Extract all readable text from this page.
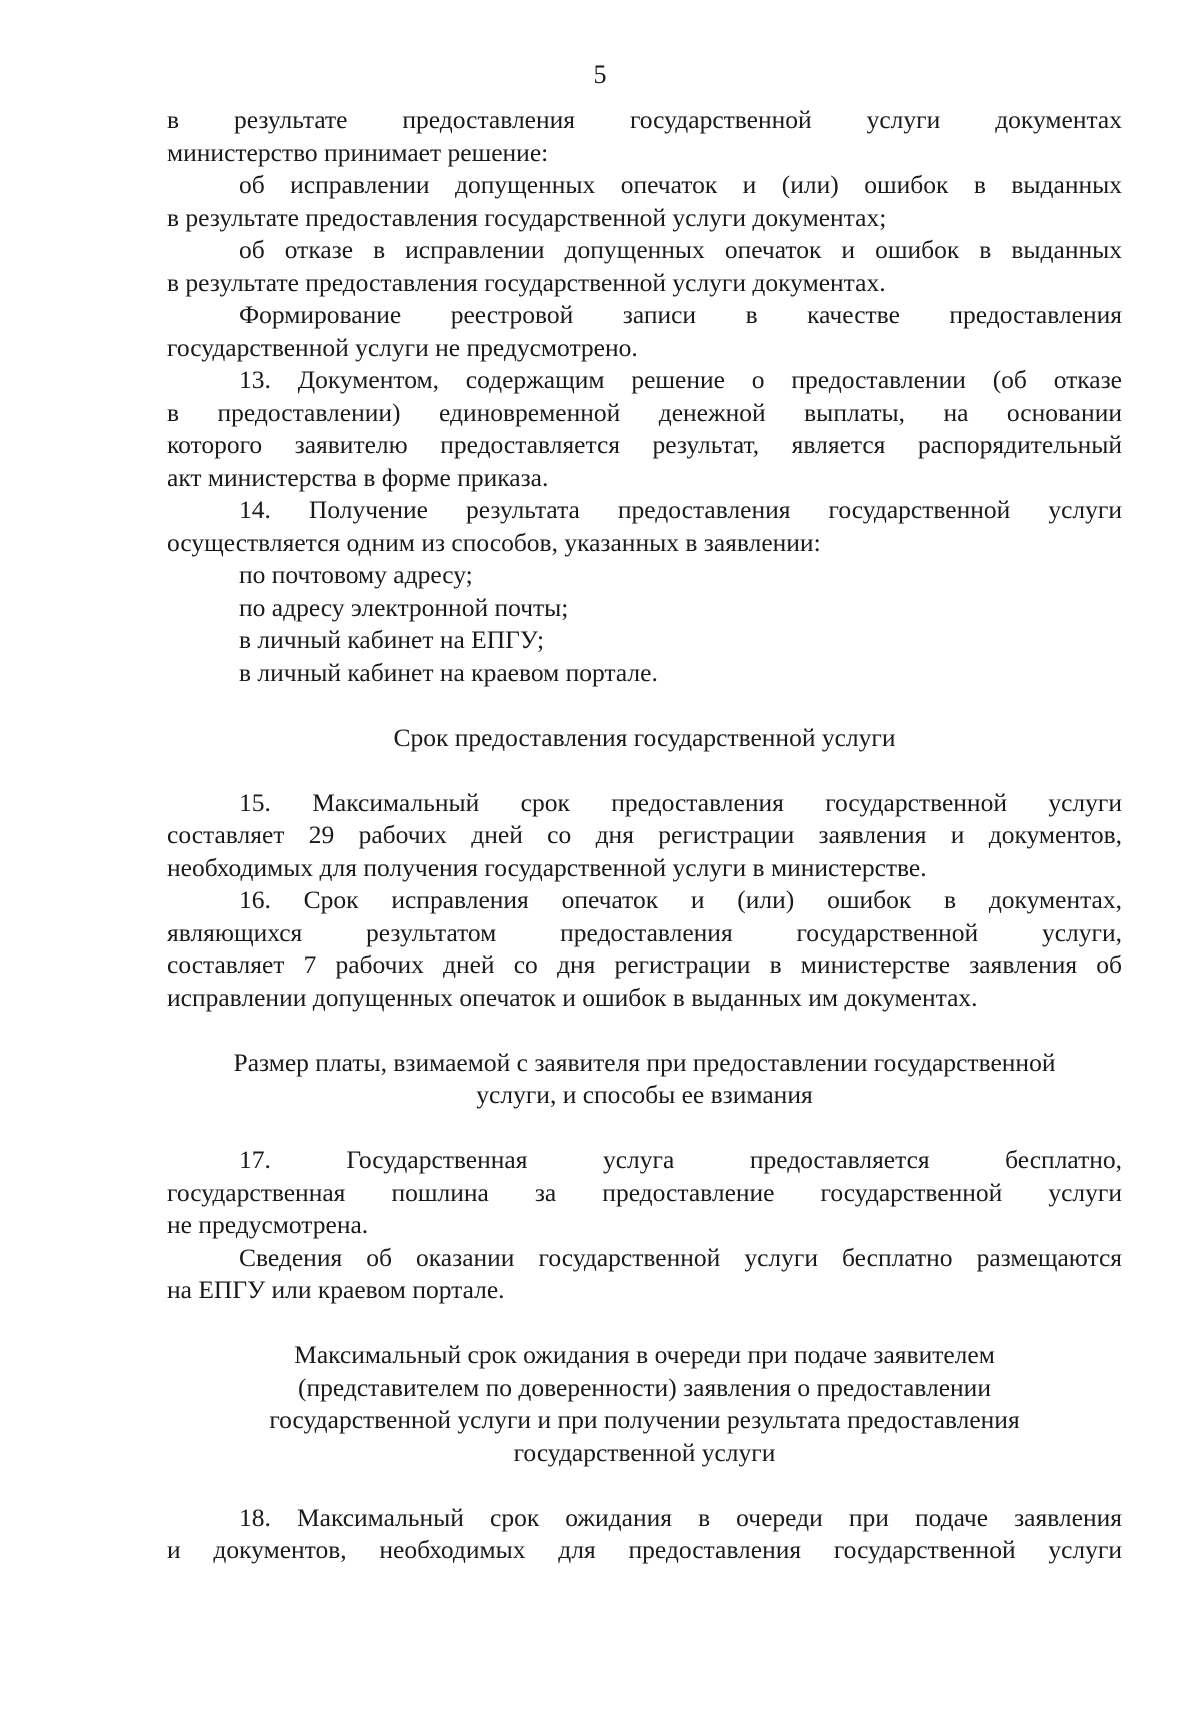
5
в результате предоставления государственной услуги документах
министерство принимает решение:
об исправлении допущенных опечаток и (или) ошибок в выданных
в результате предоставления государственной услуги документах;
об отказе в исправлении допущенных опечаток и ошибок в выданных
в результате предоставления государственной услуги документах.
Формирование реестровой записи в качестве предоставления
государственной услуги не предусмотрено.
13. Документом, содержащим решение о предоставлении (об отказе
в предоставлении) единовременной денежной выплаты, на основании
которого заявителю предоставляется результат, является распорядительный
акт министерства в форме приказа.
14. Получение результата предоставления государственной услуги
осуществляется одним из способов, указанных в заявлении:
по почтовому адресу;
по адресу электронной почты;
в личный кабинет на ЕПГУ;
в личный кабинет на краевом портале.
Срок предоставления государственной услуги
15. Максимальный срок предоставления государственной услуги
составляет 29 рабочих дней со дня регистрации заявления и документов,
необходимых для получения государственной услуги в министерстве.
16. Срок исправления опечаток и (или) ошибок в документах,
являющихся результатом предоставления государственной услуги,
составляет 7 рабочих дней со дня регистрации в министерстве заявления об
исправлении допущенных опечаток и ошибок в выданных им документах.
Размер платы, взимаемой с заявителя при предоставлении государственной
услуги, и способы ее взимания
17. Государственная услуга предоставляется бесплатно,
государственная пошлина за предоставление государственной услуги
не предусмотрена.
Сведения об оказании государственной услуги бесплатно размещаются
на ЕПГУ или краевом портале.
Максимальный срок ожидания в очереди при подаче заявителем
(представителем по доверенности) заявления о предоставлении
государственной услуги и при получении результата предоставления
государственной услуги
18. Максимальный срок ожидания в очереди при подаче заявления
и документов, необходимых для предоставления государственной услуги
